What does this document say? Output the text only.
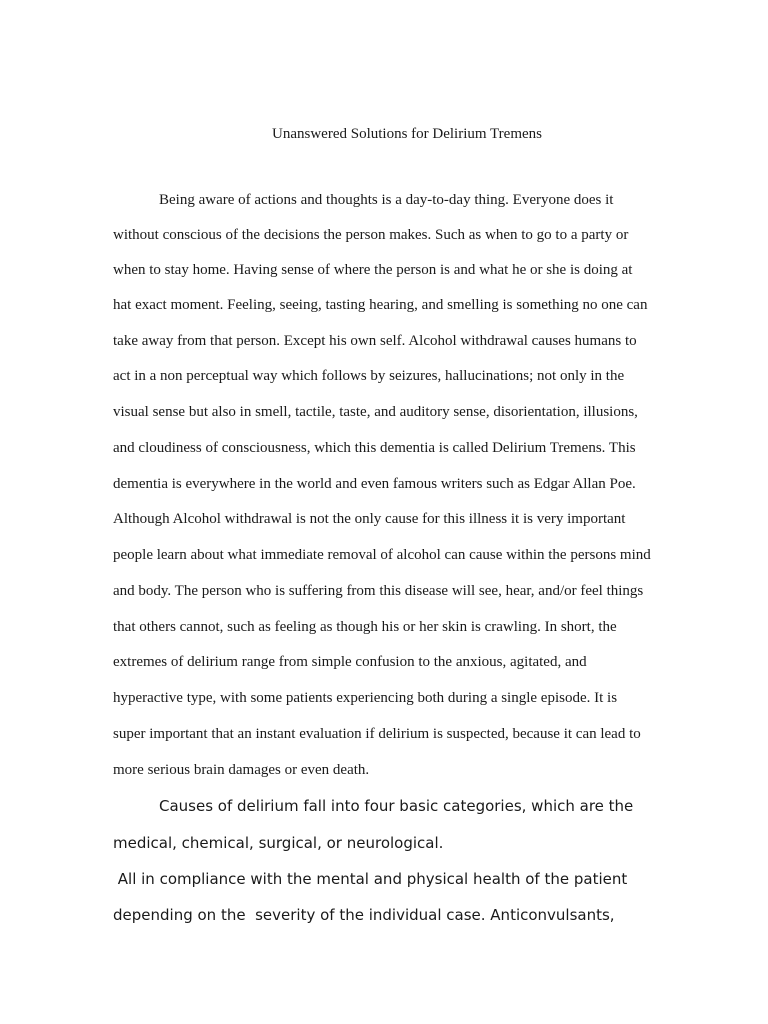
Unanswered Solutions for Delirium Tremens

Being aware of actions and thoughts is a day-to-day thing. Everyone does it

without conscious of the decisions the person makes. Such as when to go to a party or

when to stay home. Having sense of where the person is and what he or she is doing at

hat exact moment. Feeling, seeing, tasting hearing, and smelling is something no one can

take away from that person. Except his own self. Alcohol withdrawal causes humans to

act in a non perceptual way which follows by seizures, hallucinations; not only in the

visual sense but also in smell, tactile, taste, and auditory sense, disorientation, illusions,

and cloudiness of consciousness, which this dementia is called Delirium Tremens. This

dementia is everywhere in the world and even famous writers such as Edgar Allan Poe.

Although Alcohol withdrawal is not the only cause for this illness it is very important

people learn about what immediate removal of alcohol can cause within the persons mind

and body. The person who is suffering from this disease will see, hear, and/or feel things

that others cannot, such as feeling as though his or her skin is crawling. In short, the

extremes of delirium range from simple confusion to the anxious, agitated, and

hyperactive type, with some patients experiencing both during a single episode. It is

super important that an instant evaluation if delirium is suspected, because it can lead to

more serious brain damages or even death.

Causes of delirium fall into four basic categories, which are the

medical, chemical, surgical, or neurological.

All in compliance with the mental and physical health of the patient

depending on the  severity of the individual case. Anticonvulsants,
